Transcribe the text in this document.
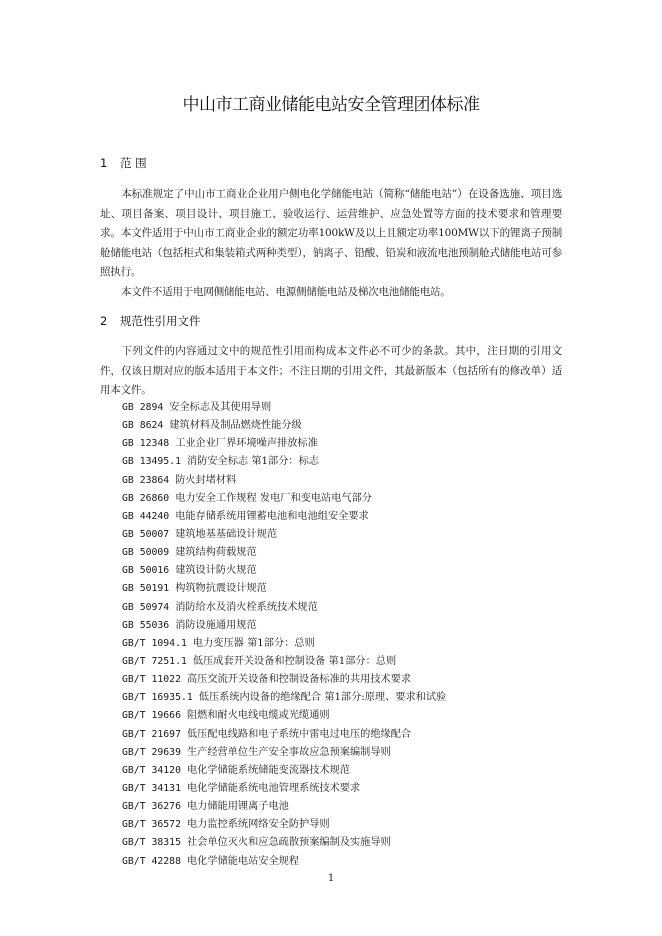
中山市工商业储能电站安全管理团体标准
1 范 围
本标准规定了中山市工商业企业用户侧电化学储能电站（简称“储能电站”）在设备选施、项目选址、项目备案、项目设计、项目施工、验收运行、运营维护、应急处置等方面的技术要求和管理要求。本文件适用于中山市工商业企业的额定功率100kW及以上且额定功率100MW以下的锂离子预制舱储能电站（包括柜式和集装箱式两种类型），钠离子、铅酸、铅炭和液流电池预制舱式储能电站可参照执行。
本文件不适用于电网侧储能电站、电源侧储能电站及梯次电池储能电站。
2 规范性引用文件
下列文件的内容通过文中的规范性引用而构成本文件必不可少的条款。其中，注日期的引用文件，仅该日期对应的版本适用于本文件；不注日期的引用文件，其最新版本（包括所有的修改单）适用本文件。
GB 2894 安全标志及其使用导则
GB 8624 建筑材料及制品燃烧性能分级
GB 12348 工业企业厂界环境噪声排放标准
GB 13495.1 消防安全标志 第1部分：标志
GB 23864 防火封堵材料
GB 26860 电力安全工作规程 发电厂和变电站电气部分
GB 44240 电能存储系统用锂蓄电池和电池组安全要求
GB 50007 建筑地基基础设计规范
GB 50009 建筑结构荷载规范
GB 50016 建筑设计防火规范
GB 50191 构筑物抗震设计规范
GB 50974 消防给水及消火栓系统技术规范
GB 55036 消防设施通用规范
GB/T 1094.1 电力变压器 第1部分：总则
GB/T 7251.1 低压成套开关设备和控制设备 第1部分：总则
GB/T 11022 高压交流开关设备和控制设备标准的共用技术要求
GB/T 16935.1 低压系统内设备的绝缘配合 第1部分:原理、要求和试验
GB/T 19666 阻燃和耐火电线电缆或光缆通则
GB/T 21697 低压配电线路和电子系统中雷电过电压的绝缘配合
GB/T 29639 生产经营单位生产安全事故应急预案编制导则
GB/T 34120 电化学储能系统储能变流器技术规范
GB/T 34131 电化学储能系统电池管理系统技术要求
GB/T 36276 电力储能用锂离子电池
GB/T 36572 电力监控系统网络安全防护导则
GB/T 38315 社会单位灭火和应急疏散预案编制及实施导则
GB/T 42288 电化学储能电站安全规程
1
